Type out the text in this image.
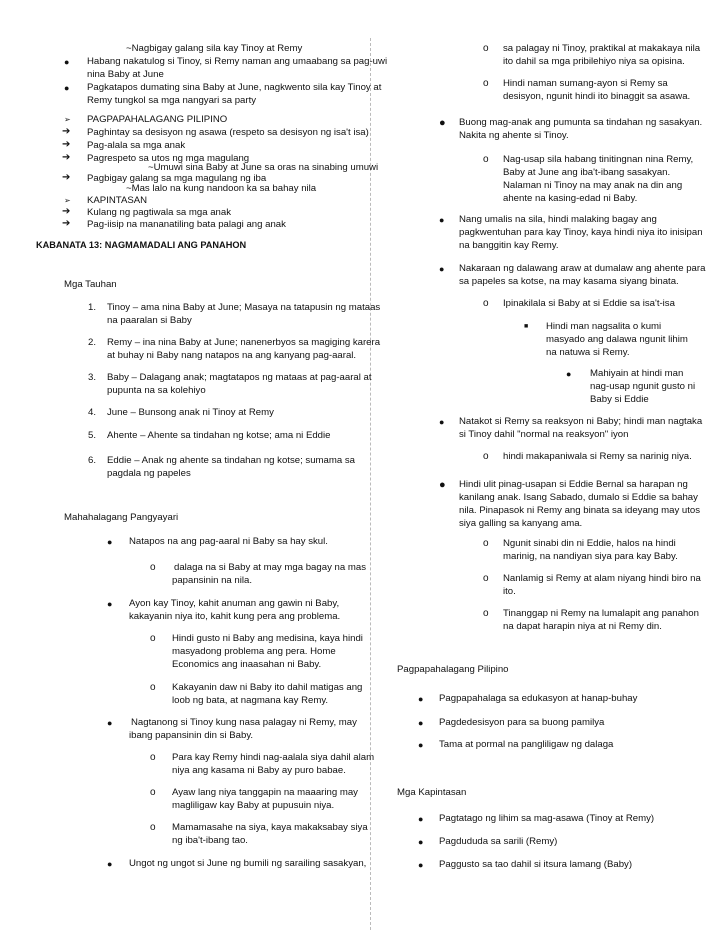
~Nagbigay galang sila kay Tinoy at Remy
● Habang nakatulog si Tinoy, si Remy naman ang umaabang sa pag-uwi
nina Baby at June
● Pagkatapos dumating sina Baby at June, nagkwento sila kay Tinoy at
Remy tungkol sa mga nangyari sa party
➢ PAGPAPAHALAGANG PILIPINO
➔ Paghintay sa desisyon ng asawa (respeto sa desisyon ng isa't isa)
➔ Pag-alala sa mga anak
➔ Pagrespeto sa utos ng mga magulang
~Umuwi sina Baby at June sa oras na sinabing umuwi
➔ Pagbigay galang sa mga magulang ng iba
~Mas lalo na kung nandoon ka sa bahay nila
➢ KAPINTASAN
➔ Kulang ng pagtiwala sa mga anak
➔ Pag-iisip na mananatiling bata palagi ang anak
KABANATA 13: NAGMAMADALI ANG PANAHON
Mga Tauhan
1. Tinoy – ama nina Baby at June; Masaya na tatapusin ng mataas
na paaralan si Baby
2. Remy – ina nina Baby at June; nanenerbyos sa magiging karera
at buhay ni Baby nang natapos na ang kanyang pag-aaral.
3. Baby – Dalagang anak; magtatapos ng mataas at pag-aaral at
pupunta na sa kolehiyo
4. June – Bunsong anak ni Tinoy at Remy
5. Ahente – Ahente sa tindahan ng kotse; ama ni Eddie
6. Eddie – Anak ng ahente sa tindahan ng kotse; sumama sa
pagdala ng papeles
Mahahalagang Pangyayari
● Natapos na ang pag-aaral ni Baby sa hay skul.
o dalaga na si Baby at may mga bagay na mas
papansinin na nila.
● Ayon kay Tinoy, kahit anuman ang gawin ni Baby,
kakayanin niya ito, kahit kung pera ang problema.
o Hindi gusto ni Baby ang medisina, kaya hindi
masyadong problema ang pera. Home
Economics ang inaasahan ni Baby.
o Kakayanin daw ni Baby ito dahil matigas ang
loob ng bata, at nagmana kay Remy.
● Nagtanong si Tinoy kung nasa palagay ni Remy, may
ibang papansinin din si Baby.
o Para kay Remy hindi nag-aalala siya dahil alam
niya ang kasama ni Baby ay puro babae.
o Ayaw lang niya tanggapin na maaaring may
magliligaw kay Baby at pupusuin niya.
o Mamamasahe na siya, kaya makaksabay siya
ng iba't-ibang tao.
● Ungot ng ungot si June ng bumili ng sarailing sasakyan,
o sa palagay ni Tinoy, praktikal at makakaya nila
ito dahil sa mga pribilehiyo niya sa opisina.
o Hindi naman sumang-ayon si Remy sa
desisyon, ngunit hindi ito binaggit sa asawa.
● Buong mag-anak ang pumunta sa tindahan ng sasakyan.
Nakita ng ahente si Tinoy.
o Nag-usap sila habang tinitingnan nina Remy,
Baby at June ang iba't-ibang sasakyan.
Nalaman ni Tinoy na may anak na din ang
ahente na kasing-edad ni Baby.
● Nang umalis na sila, hindi malaking bagay ang
pagkwentuhan para kay Tinoy, kaya hindi niya ito inisipan
na banggitin kay Remy.
● Nakaraan ng dalawang araw at dumalaw ang ahente para
sa papeles sa kotse, na may kasama siyang binata.
o Ipinakilala si Baby at si Eddie sa isa't-isa
■ Hindi man nagsalita o kumi
masyado ang dalawa ngunit lihim
na natuwa si Remy.
● Mahiyain at hindi man
nag-usap ngunit gusto ni
Baby si Eddie
● Natakot si Remy sa reaksyon ni Baby; hindi man nagtaka
si Tinoy dahil "normal na reaksyon" iyon
o hindi makapaniwala si Remy sa narinig niya.
● Hindi ulit pinag-usapan si Eddie Bernal sa harapan ng
kanilang anak. Isang Sabado, dumalo si Eddie sa bahay
nila. Pinapasok ni Remy ang binata sa ideyang may utos
siya galling sa kanyang ama.
o Ngunit sinabi din ni Eddie, halos na hindi
marinig, na nandiyan siya para kay Baby.
o Nanlamig si Remy at alam niyang hindi biro na
ito.
o Tinanggap ni Remy na lumalapit ang panahon
na dapat harapin niya at ni Remy din.
Pagpapahalagang Pilipino
● Pagpapahalaga sa edukasyon at hanap-buhay
● Pagdedesisyon para sa buong pamilya
● Tama at pormal na pangliligaw ng dalaga
Mga Kapintasan
● Pagtatago ng lihim sa mag-asawa (Tinoy at Remy)
● Pagdududa sa sarili (Remy)
● Paggusto sa tao dahil si itsura lamang (Baby)
